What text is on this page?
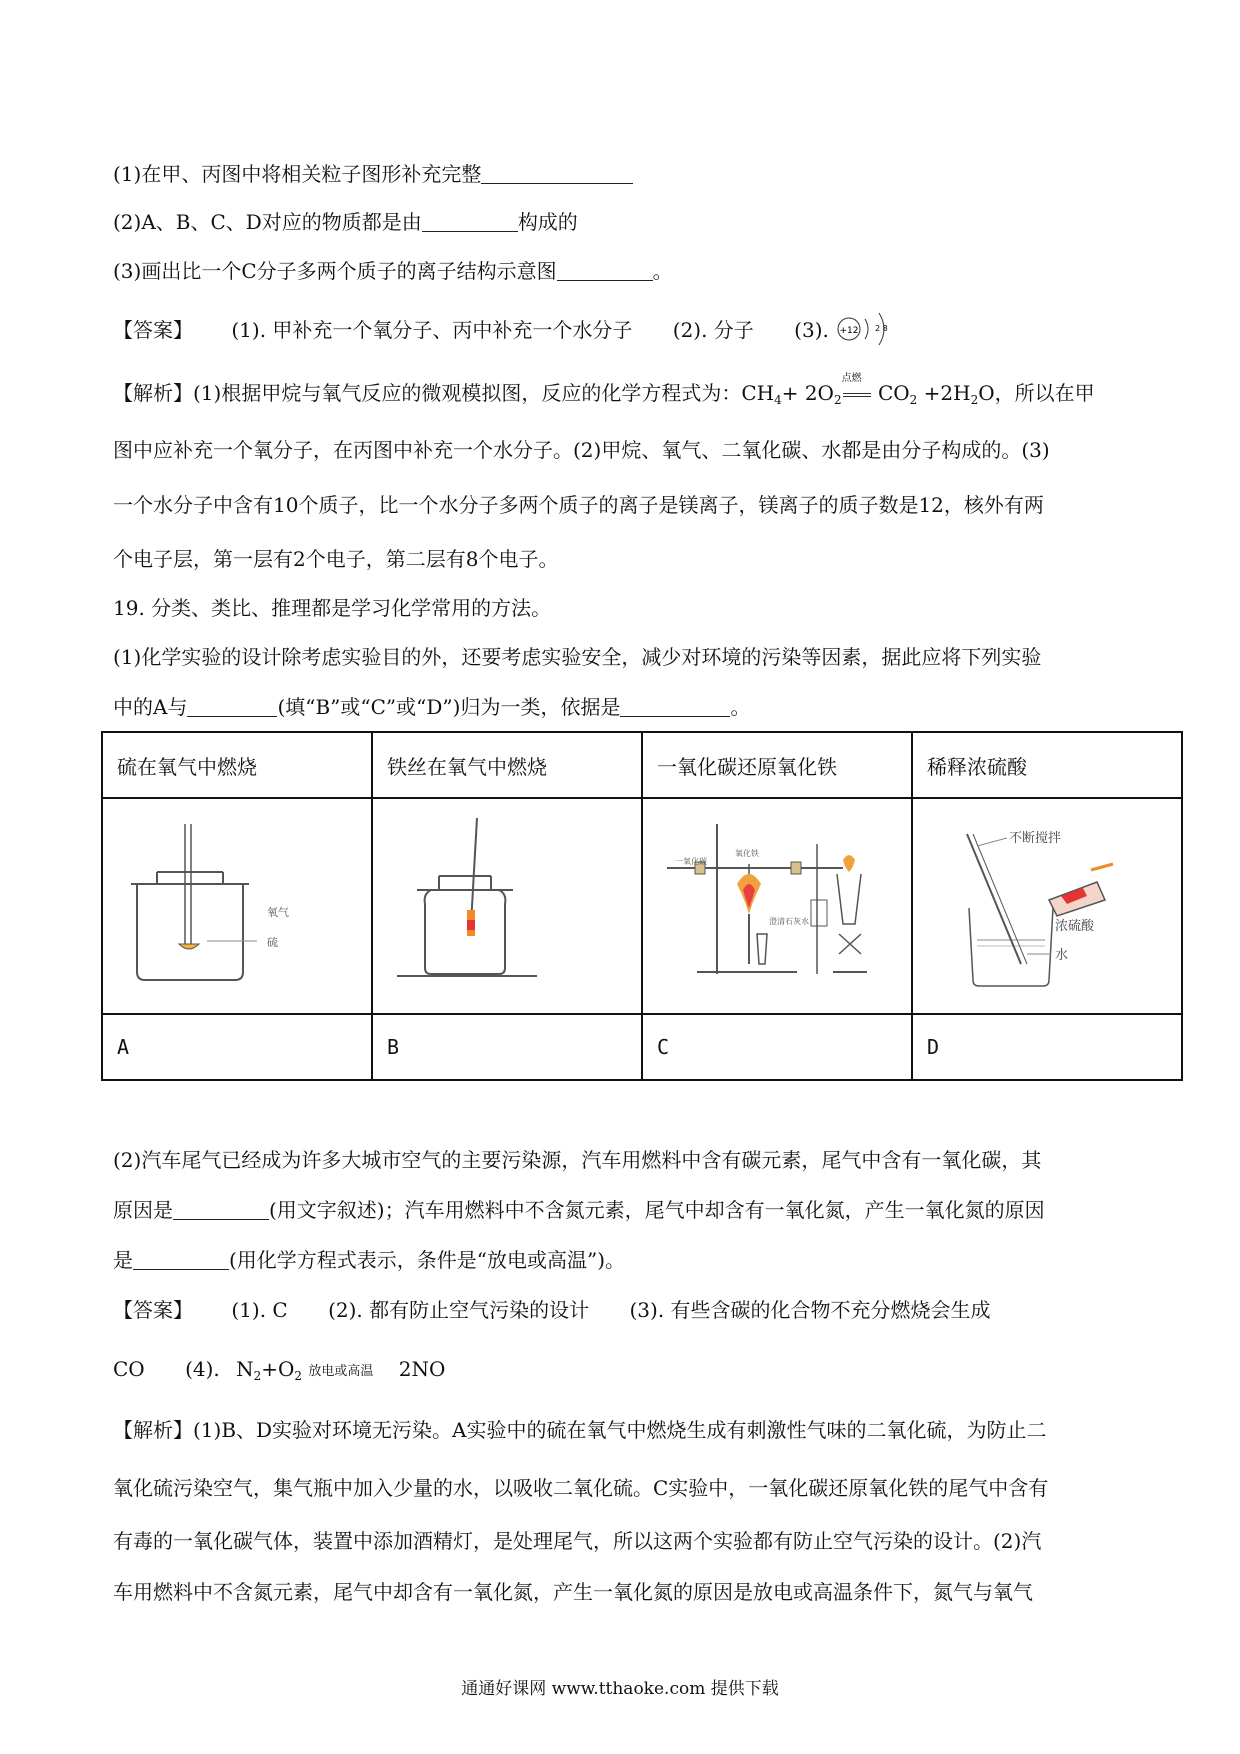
(1)在甲、丙图中将相关粒子图形补充完整
(2)A、B、C、D对应的物质都是由	构成的
(3)画出比一个C分子多两个质子的离子结构示意图	。
【答案】 (1). 甲补充一个氧分子、丙中补充一个水分子 (2). 分子 (3). +12 2 8
【解析】(1)根据甲烷与氧气反应的微观模拟图，反应的化学方程式为：$CH_4+ 2O_2$
点燃
$CO_2 +2H_2O$，所以在甲
图中应补充一个氧分子，在丙图中补充一个水分子。(2)甲烷、氧气、二氧化碳、水都是由分子构成的。(3)
一个水分子中含有10个质子，比一个水分子多两个质子的离子是镁离子，镁离子的质子数是12，核外有两
个电子层，第一层有2个电子，第二层有8个电子。
19. 分类、类比、推理都是学习化学常用的方法。
(1)化学实验的设计除考虑实验目的外，还要考虑实验安全，减少对环境的污染等因素，据此应将下列实验
中的A与	(填“B”或“C”或“D”)归为一类，依据是	。
硫在氧气中燃烧	铁丝在氧气中燃烧	一氧化碳还原氧化铁	稀释浓硫酸

氧气
硫		一氧化碳
氧化铁
澄清石灰水	不断搅拌
浓硫酸
水

A	B	C	D
(2)汽车尾气已经成为许多大城市空气的主要污染源，汽车用燃料中含有碳元素，尾气中含有一氧化碳，其
原因是	(用文字叙述)；汽车用燃料中不含氮元素，尾气中却含有一氧化氮，产生一氧化氮的原因
是	(用化学方程式表示，条件是“放电或高温”)。
【答案】 (1). C (2). 都有防止空气污染的设计 (3). 有些含碳的化合物不充分燃烧会生成
CO (4). $N_2+O_2$ 放电或高温 2NO
【解析】(1)B、D实验对环境无污染。A实验中的硫在氧气中燃烧生成有刺激性气味的二氧化硫，为防止二
氧化硫污染空气，集气瓶中加入少量的水，以吸收二氧化硫。C实验中，一氧化碳还原氧化铁的尾气中含有
有毒的一氧化碳气体，装置中添加酒精灯，是处理尾气，所以这两个实验都有防止空气污染的设计。(2)汽
车用燃料中不含氮元素，尾气中却含有一氧化氮，产生一氧化氮的原因是放电或高温条件下，氮气与氧气
通通好课网 www.tthaoke.com 提供下载
